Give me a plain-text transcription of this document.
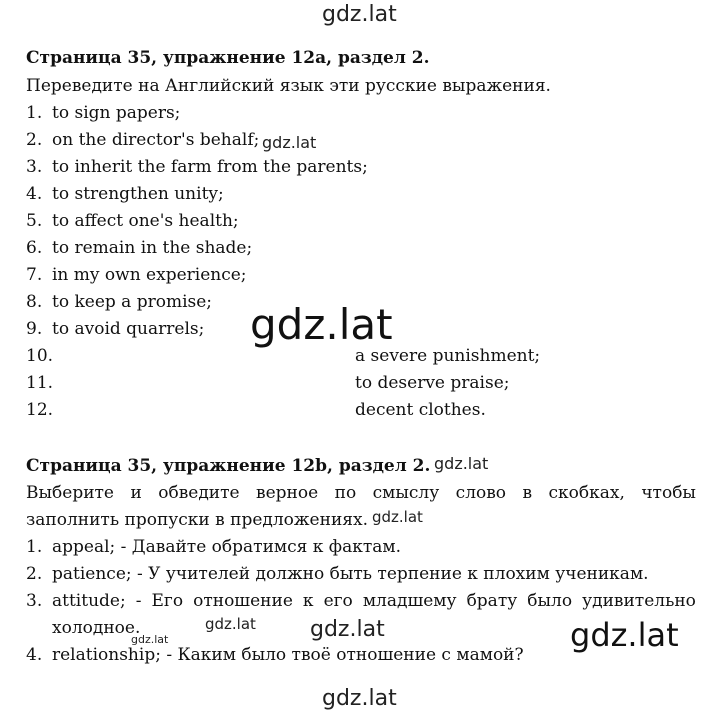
gdz.lat
gdz.lat
gdz.lat
gdz.lat
gdz.lat
gdz.lat
gdz.lat	gdz.lat	gdz.lat
gdz.lat
Страница 35, упражнение 12а, раздел 2.
Переведите на Английский язык эти русские выражения.
1. to sign papers;
2. on the director's behalf;
3. to inherit the farm from the parents;
4. to strengthen unity;
5. to affect one's health;
6. to remain in the shade;
7. in my own experience;
8. to keep a promise;
9. to avoid quarrels;
10.	a severe punishment;
11.	to deserve praise;
12.	decent clothes.
Страница 35, упражнение 12b, раздел 2.
Выберите и обведите верное по смыслу слово в скобках, чтобы
заполнить пропуски в предложениях.
1. appeal; - Давайте обратимся к фактам.
2. patience; - У учителей должно быть терпение к плохим ученикам.
3. attitude; - Его отношение к его младшему брату было удивительно
холодное.
4. relationship; - Каким было твоё отношение с мамой?
